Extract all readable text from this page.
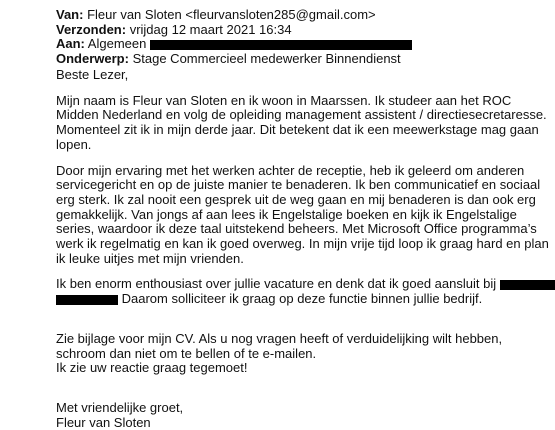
Van: Fleur van Sloten <fleurvansloten285@gmail.com>
Verzonden: vrijdag 12 maart 2021 16:34
Aan: Algemeen
Onderwerp: Stage Commercieel medewerker Binnendienst
Beste Lezer,
Mijn naam is Fleur van Sloten en ik woon in Maarssen. Ik studeer aan het ROC
Midden Nederland en volg de opleiding management assistent / directiesecretaresse.
Momenteel zit ik in mijn derde jaar. Dit betekent dat ik een meewerkstage mag gaan
lopen.
Door mijn ervaring met het werken achter de receptie, heb ik geleerd om anderen
servicegericht en op de juiste manier te benaderen. Ik ben communicatief en sociaal
erg sterk. Ik zal nooit een gesprek uit de weg gaan en mij benaderen is dan ook erg
gemakkelijk. Van jongs af aan lees ik Engelstalige boeken en kijk ik Engelstalige
series, waardoor ik deze taal uitstekend beheers. Met Microsoft Office programma’s
werk ik regelmatig en kan ik goed overweg. In mijn vrije tijd loop ik graag hard en plan
ik leuke uitjes met mijn vrienden.
Ik ben enorm enthousiast over jullie vacature en denk dat ik goed aansluit bij
Daarom solliciteer ik graag op deze functie binnen jullie bedrijf.
Zie bijlage voor mijn CV. Als u nog vragen heeft of verduidelijking wilt hebben,
schroom dan niet om te bellen of te e-mailen.
Ik zie uw reactie graag tegemoet!
Met vriendelijke groet,
Fleur van Sloten
